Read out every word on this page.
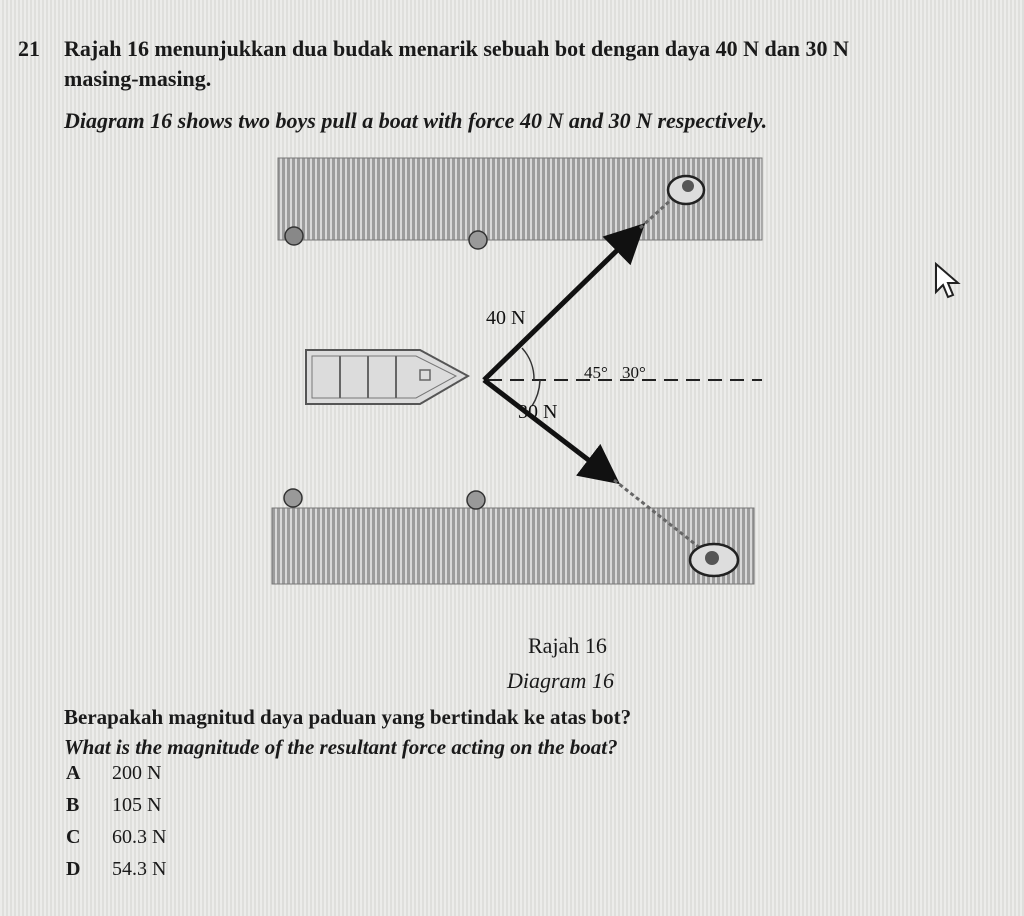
21 Rajah 16 menunjukkan dua budak menarik sebuah bot dengan daya 40 N dan 30 N
masing-masing.
Diagram 16 shows two boys pull a boat with force 40 N and 30 N respectively.
40 N
30 N
45° 30°
Rajah 16
Diagram 16
Berapakah magnitud daya paduan yang bertindak ke atas bot?
What is the magnitude of the resultant force acting on the boat?
A 200 N
B 105 N
C 60.3 N
D 54.3 N
